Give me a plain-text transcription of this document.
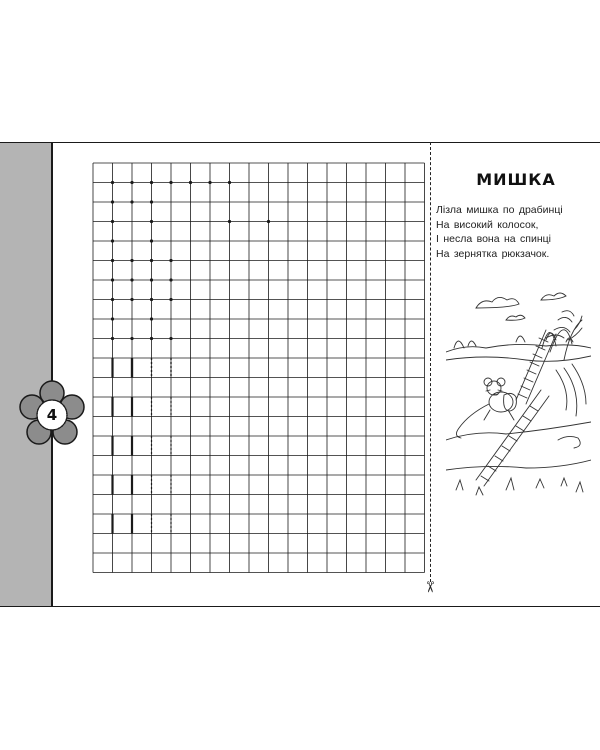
4
✂
МИШКА
Лізла мишка по драбинці
На високий колосок,
І несла вона на спинці
На зернятка рюкзачок.
